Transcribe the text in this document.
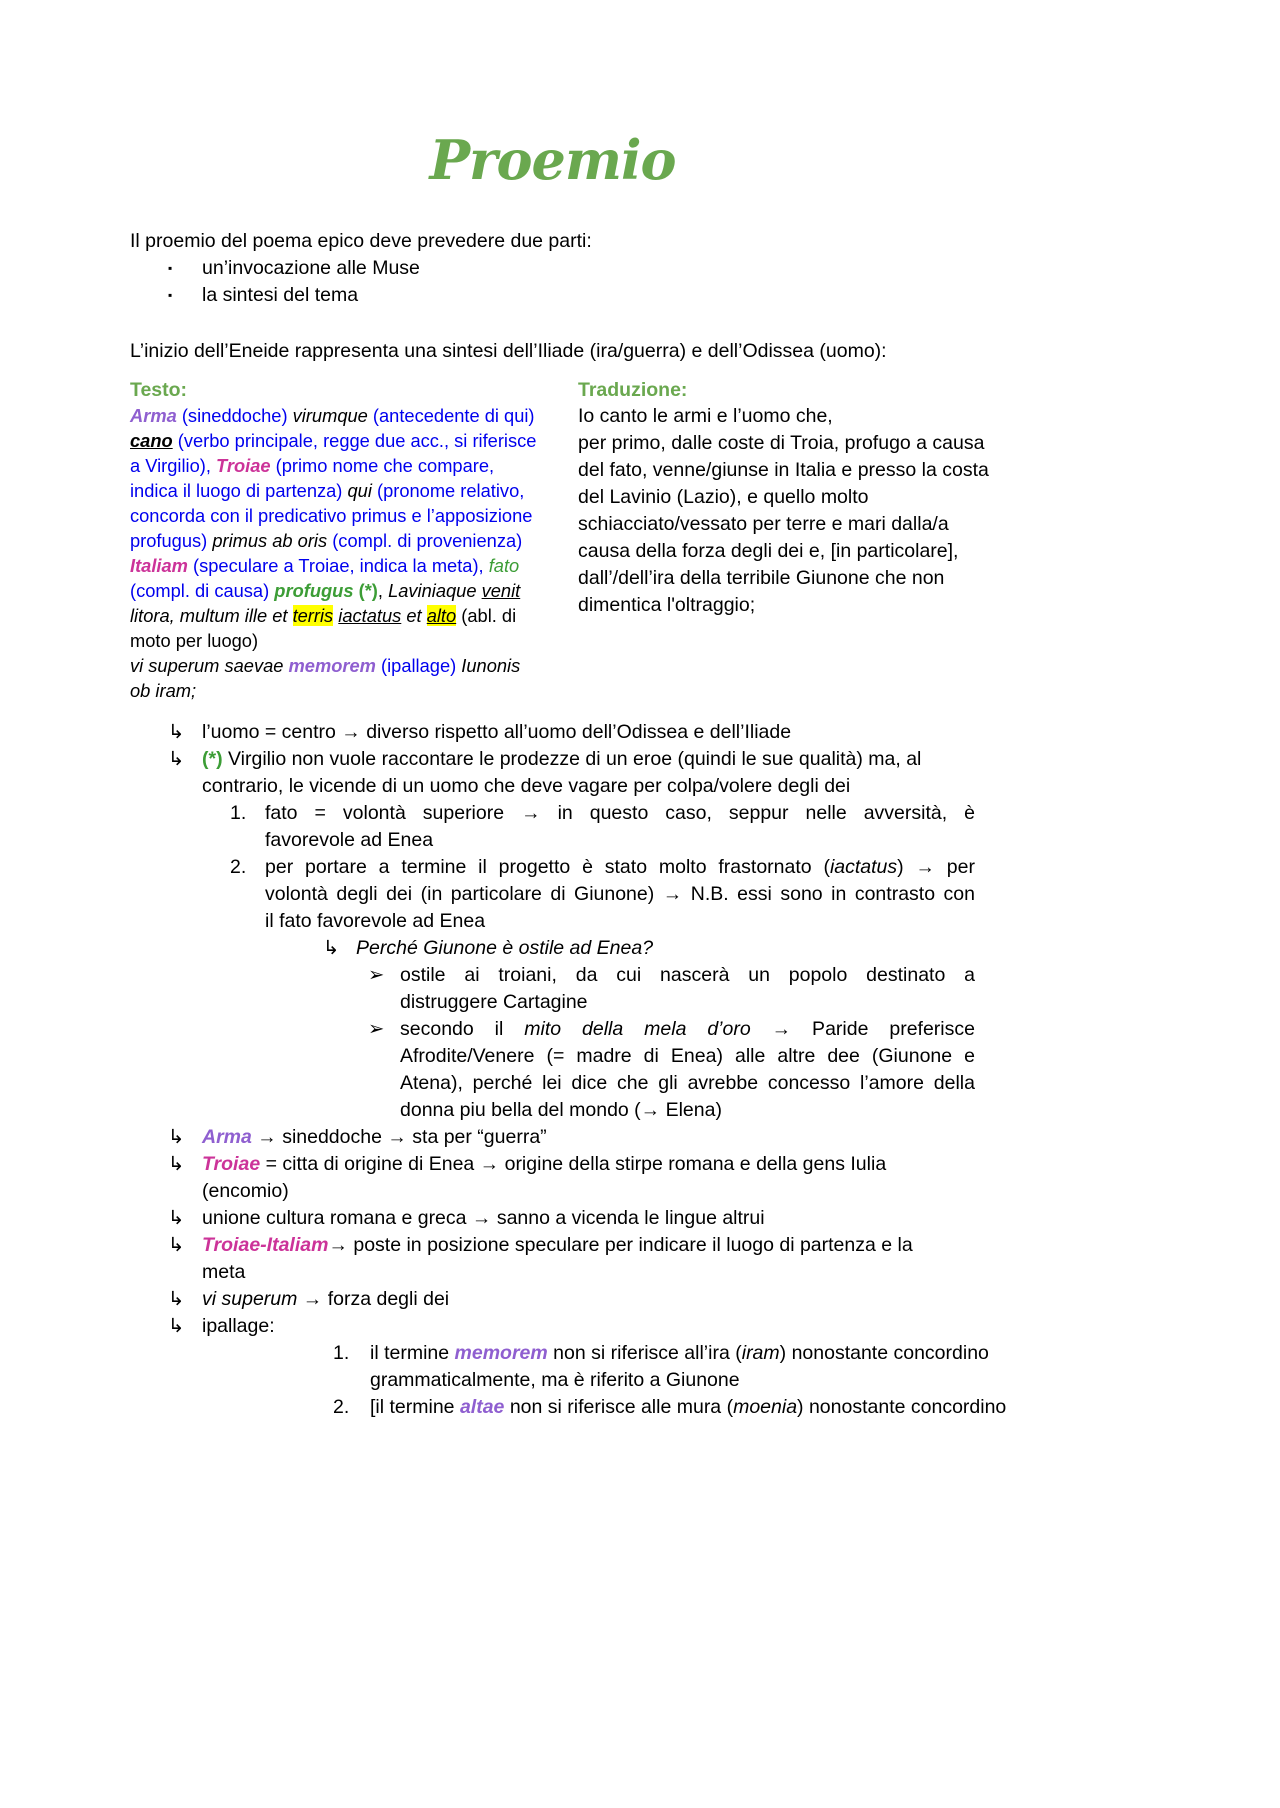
Proemio

Il proemio del poema epico deve prevedere due parti:

▪ un’invocazione alle Muse
▪ la sintesi del tema

L’inizio dell’Eneide rappresenta una sintesi dell’Iliade (ira/guerra) e dell’Odissea (uomo):

Testo:
Arma (sineddoche) virumque (antecedente di qui)
cano (verbo principale, regge due acc., si riferisce
a Virgilio), Troiae (primo nome che compare,
indica il luogo di partenza) qui (pronome relativo,
concorda con il predicativo primus e l’apposizione
profugus) primus ab oris (compl. di provenienza)
Italiam (speculare a Troiae, indica la meta), fato
(compl. di causa) profugus (*), Laviniaque venit
litora, multum ille et terris iactatus et alto (abl. di
moto per luogo)
vi superum saevae memorem (ipallage) Iunonis
ob iram;
Traduzione:
Io canto le armi e l’uomo che,
per primo, dalle coste di Troia, profugo a causa
del fato, venne/giunse in Italia e presso la costa
del Lavinio (Lazio), e quello molto
schiacciato/vessato per terre e mari dalla/a
causa della forza degli dei e, [in particolare],
dall’/dell’ira della terribile Giunone che non
dimentica l'oltraggio;
↳ l’uomo = centro → diverso rispetto all’uomo dell’Odissea e dell’Iliade
↳ (*) Virgilio non vuole raccontare le prodezze di un eroe (quindi le sue qualità) ma, al
contrario, le vicende di un uomo che deve vagare per colpa/volere degli dei
1. fato = volontà superiore → in questo caso, seppur nelle avversità, è
favorevole ad Enea
2. per portare a termine il progetto è stato molto frastornato (iactatus) → per
volontà degli dei (in particolare di Giunone) → N.B. essi sono in contrasto con
il fato favorevole ad Enea
↳ Perché Giunone è ostile ad Enea?
➢ ostile ai troiani, da cui nascerà un popolo destinato a
distruggere Cartagine
➢ secondo il mito della mela d’oro → Paride preferisce
Afrodite/Venere (= madre di Enea) alle altre dee (Giunone e
Atena), perché lei dice che gli avrebbe concesso l’amore della
donna piu bella del mondo (→ Elena)
↳ Arma → sineddoche → sta per “guerra”
↳ Troiae = citta di origine di Enea → origine della stirpe romana e della gens Iulia
(encomio)
↳ unione cultura romana e greca → sanno a vicenda le lingue altrui
↳ Troiae-Italiam→ poste in posizione speculare per indicare il luogo di partenza e la
meta
↳ vi superum → forza degli dei
↳ ipallage:
1. il termine memorem non si riferisce all’ira (iram) nonostante concordino
grammaticalmente, ma è riferito a Giunone
2. [il termine altae non si riferisce alle mura (moenia) nonostante concordino
